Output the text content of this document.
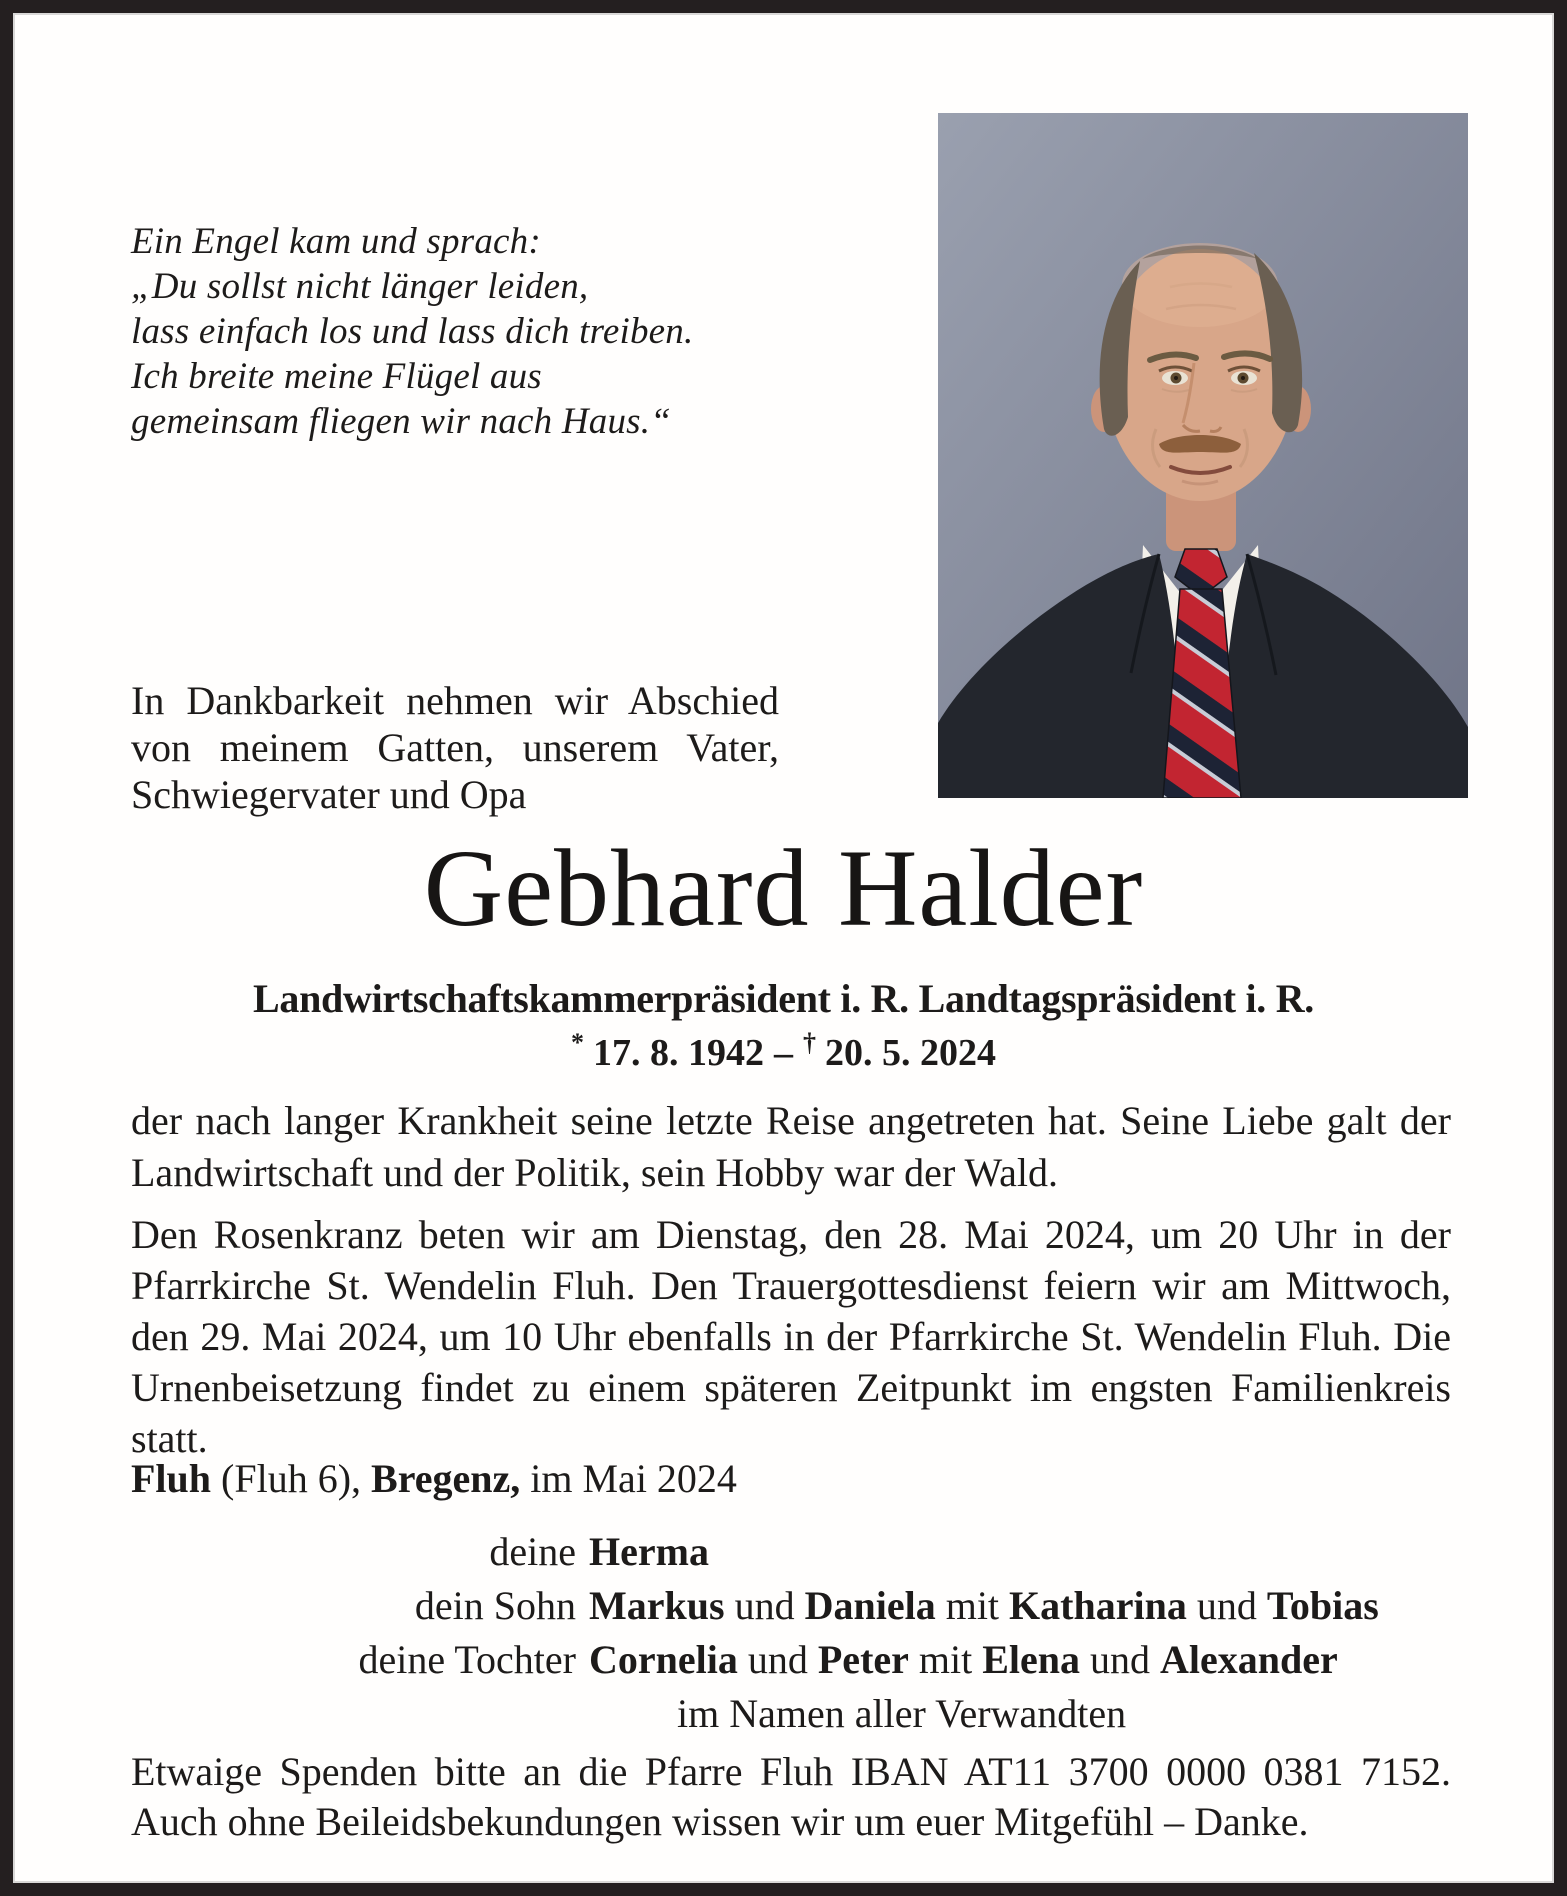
Ein Engel kam und sprach:
„Du sollst nicht länger leiden,
lass einfach los und lass dich treiben.
Ich breite meine Flügel aus
gemeinsam fliegen wir nach Haus.“
In Dankbarkeit nehmen wir Abschied von meinem Gatten, unserem Vater, Schwiegervater und Opa
Gebhard Halder
Landwirtschaftskammerpräsident i. R. Landtagspräsident i. R.
* 17. 8. 1942 – † 20. 5. 2024
der nach langer Krankheit seine letzte Reise angetreten hat. Seine Liebe galt der Landwirtschaft und der Politik, sein Hobby war der Wald.
Den Rosenkranz beten wir am Dienstag, den 28. Mai 2024, um 20 Uhr in der Pfarrkirche St. Wendelin Fluh. Den Trauergottesdienst feiern wir am Mittwoch, den 29. Mai 2024, um 10 Uhr ebenfalls in der Pfarrkirche St. Wendelin Fluh. Die Urnenbeisetzung findet zu einem späteren Zeitpunkt im engsten Familienkreis statt.
Fluh (Fluh 6), Bregenz, im Mai 2024
deine Herma
dein Sohn Markus und Daniela mit Katharina und Tobias
deine Tochter Cornelia und Peter mit Elena und Alexander
im Namen aller Verwandten
Etwaige Spenden bitte an die Pfarre Fluh IBAN AT11 3700 0000 0381 7152. Auch ohne Beileidsbekundungen wissen wir um euer Mitgefühl – Danke.
